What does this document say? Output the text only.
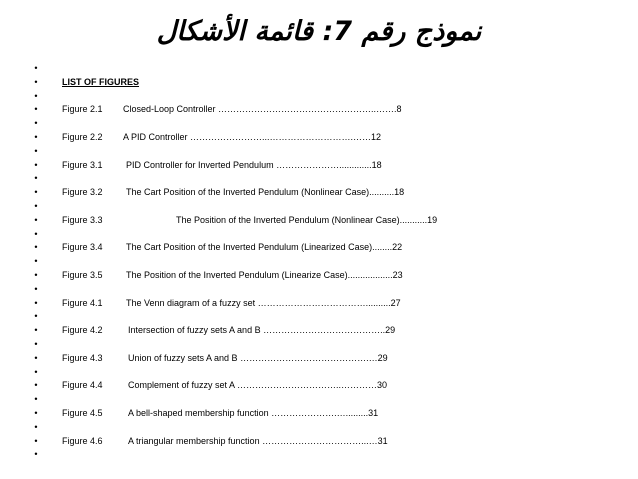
نموذج رقم 7: قائمة الأشكال
•
•
•
•
•
•
•
•
•
•
•
•
•
•
•
•
•
•
•
•
•
•
•
•
•
•
•
•
•
LIST OF FIGURES
Figure 2.1 Closed-Loop Controller ……………………………………………..…….8
Figure 2.2 A PID Controller ……………………...……………………….……12
Figure 3.1	PID Controller for Inverted Pendulum ………………….............18
Figure 3.2	The Cart Position of the Inverted Pendulum (Nonlinear Case)..........18
Figure 3.3	The Position of the Inverted Pendulum (Nonlinear Case)...........19
Figure 3.4	The Cart Position of the Inverted Pendulum (Linearized Case)........22
Figure 3.5	The Position of the Inverted Pendulum (Linearize Case)..................23
Figure 4.1	The Venn diagram of a fuzzy set ………………………………..........27
Figure 4.2	Intersection of fuzzy sets A and B …………………………………..29
Figure 4.3	Union of fuzzy sets A and B …………………………………….…29
Figure 4.4	Complement of fuzzy set A ……………………………..…………30
Figure 4.5	A bell-shaped membership function ………………….….........31
Figure 4.6	A triangular membership function ……………………………...…31
